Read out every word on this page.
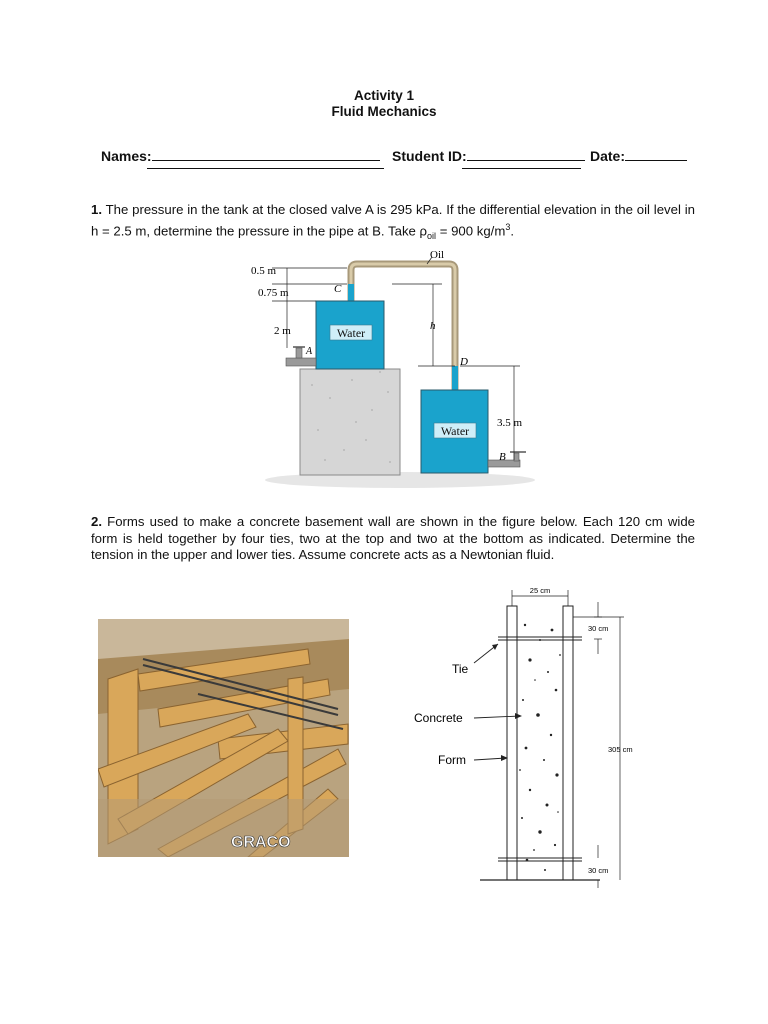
Activity 1
Fluid Mechanics
Names:	Student ID:	Date:
1. The pressure in the tank at the closed valve A is 295 kPa. If the differential elevation in the oil level in h = 2.5 m, determine the pressure in the pipe at B. Take $\rho_{oil} = 900$ $kg/m^3$.
Water
Water
0.5 m
0.75 m
2 m	h
3.5 m
C
D
A
B
Oil
2. Forms used to make a concrete basement wall are shown in the figure below. Each 120 cm wide form is held together by four ties, two at the top and two at the bottom as indicated. Determine the tension in the upper and lower ties. Assume concrete acts as a Newtonian fluid.
GRACO
25 cm
30 cm
305 cm
30 cm
Tie
Concrete
Form
